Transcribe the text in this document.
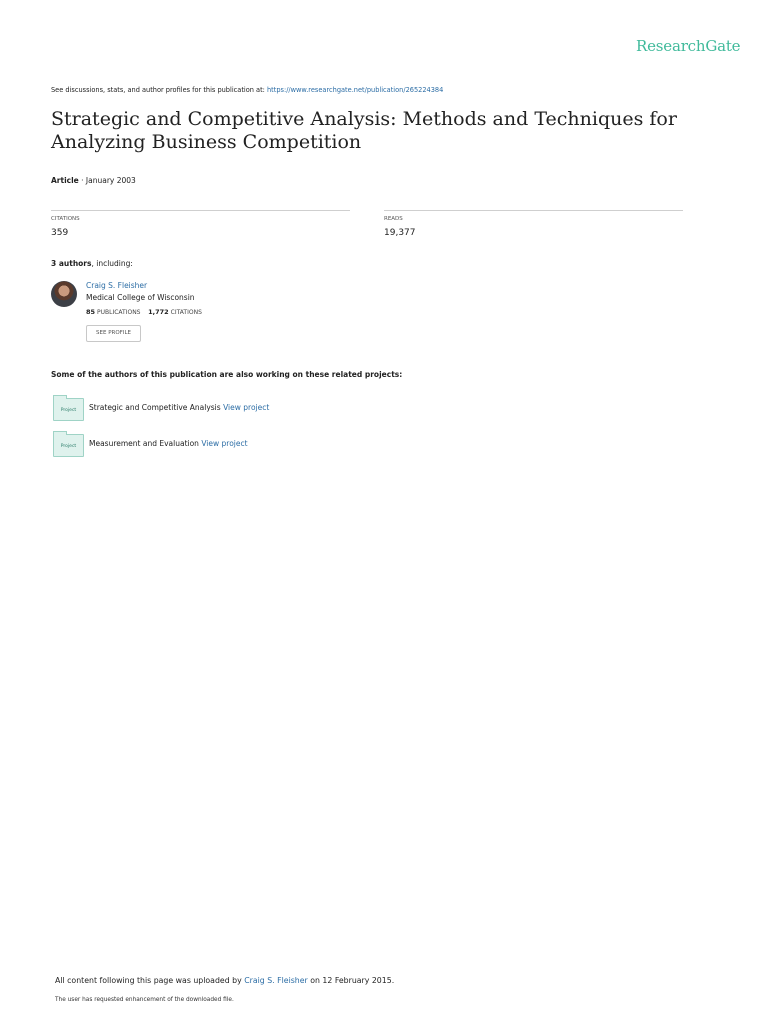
ResearchGate
See discussions, stats, and author profiles for this publication at: https://www.researchgate.net/publication/265224384
Strategic and Competitive Analysis: Methods and Techniques for Analyzing Business Competition
Article · January 2003
CITATIONS
359
READS
19,377
3 authors, including:
Craig S. Fleisher
Medical College of Wisconsin
85 PUBLICATIONS 1,772 CITATIONS
SEE PROFILE
Some of the authors of this publication are also working on these related projects:
Project	Strategic and Competitive Analysis View project
Project	Measurement and Evaluation View project
All content following this page was uploaded by Craig S. Fleisher on 12 February 2015.
The user has requested enhancement of the downloaded file.
